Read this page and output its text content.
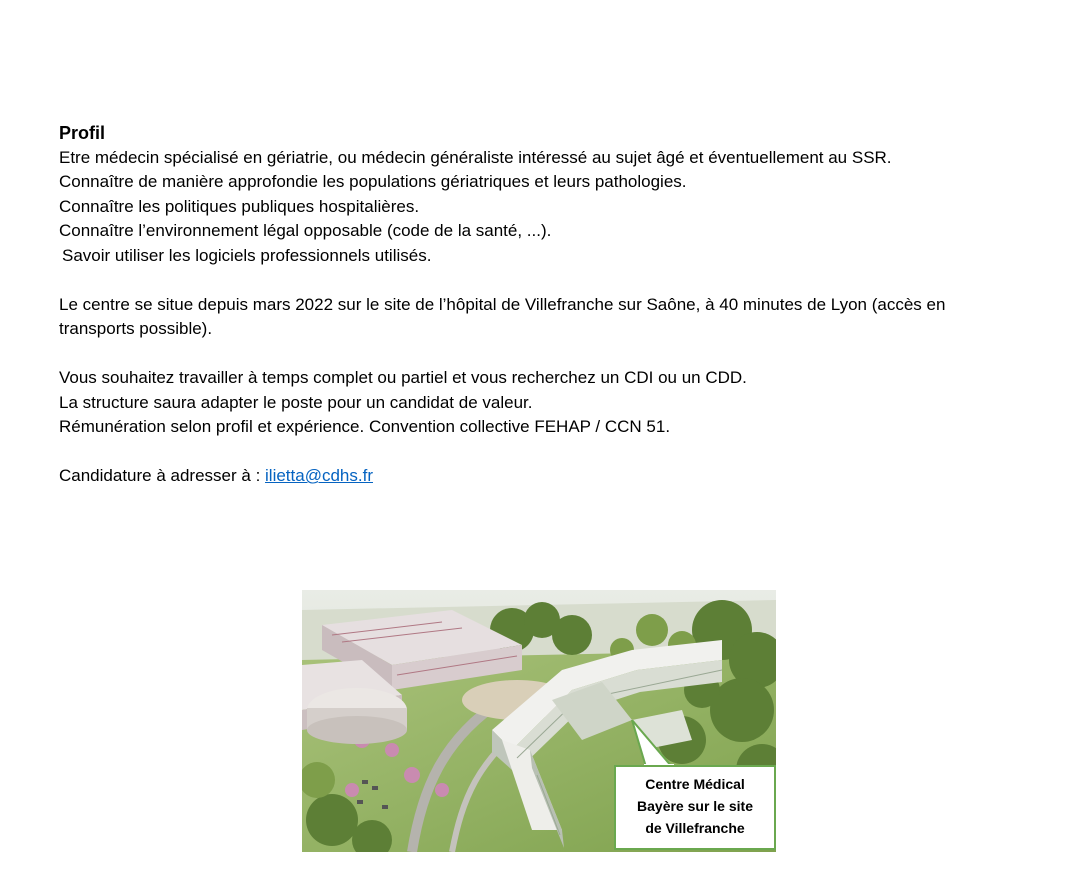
Profil

Etre médecin spécialisé en gériatrie, ou médecin généraliste intéressé au sujet âgé et éventuellement au SSR.

Connaître de manière approfondie les populations gériatriques et leurs pathologies.

Connaître les politiques publiques hospitalières.

Connaître l’environnement légal opposable (code de la santé, ...).

Savoir utiliser les logiciels professionnels utilisés.

Le centre se situe depuis mars 2022 sur le site de l’hôpital de Villefranche sur Saône, à 40 minutes de Lyon (accès en

transports possible).

Vous souhaitez travailler à temps complet ou partiel et vous recherchez un CDI ou un CDD.

La structure saura adapter le poste pour un candidat de valeur.

Rémunération selon profil et expérience. Convention collective FEHAP / CCN 51.

Candidature à adresser à : ilietta@cdhs.fr

Centre Médical
Bayère sur le site
de Villefranche
